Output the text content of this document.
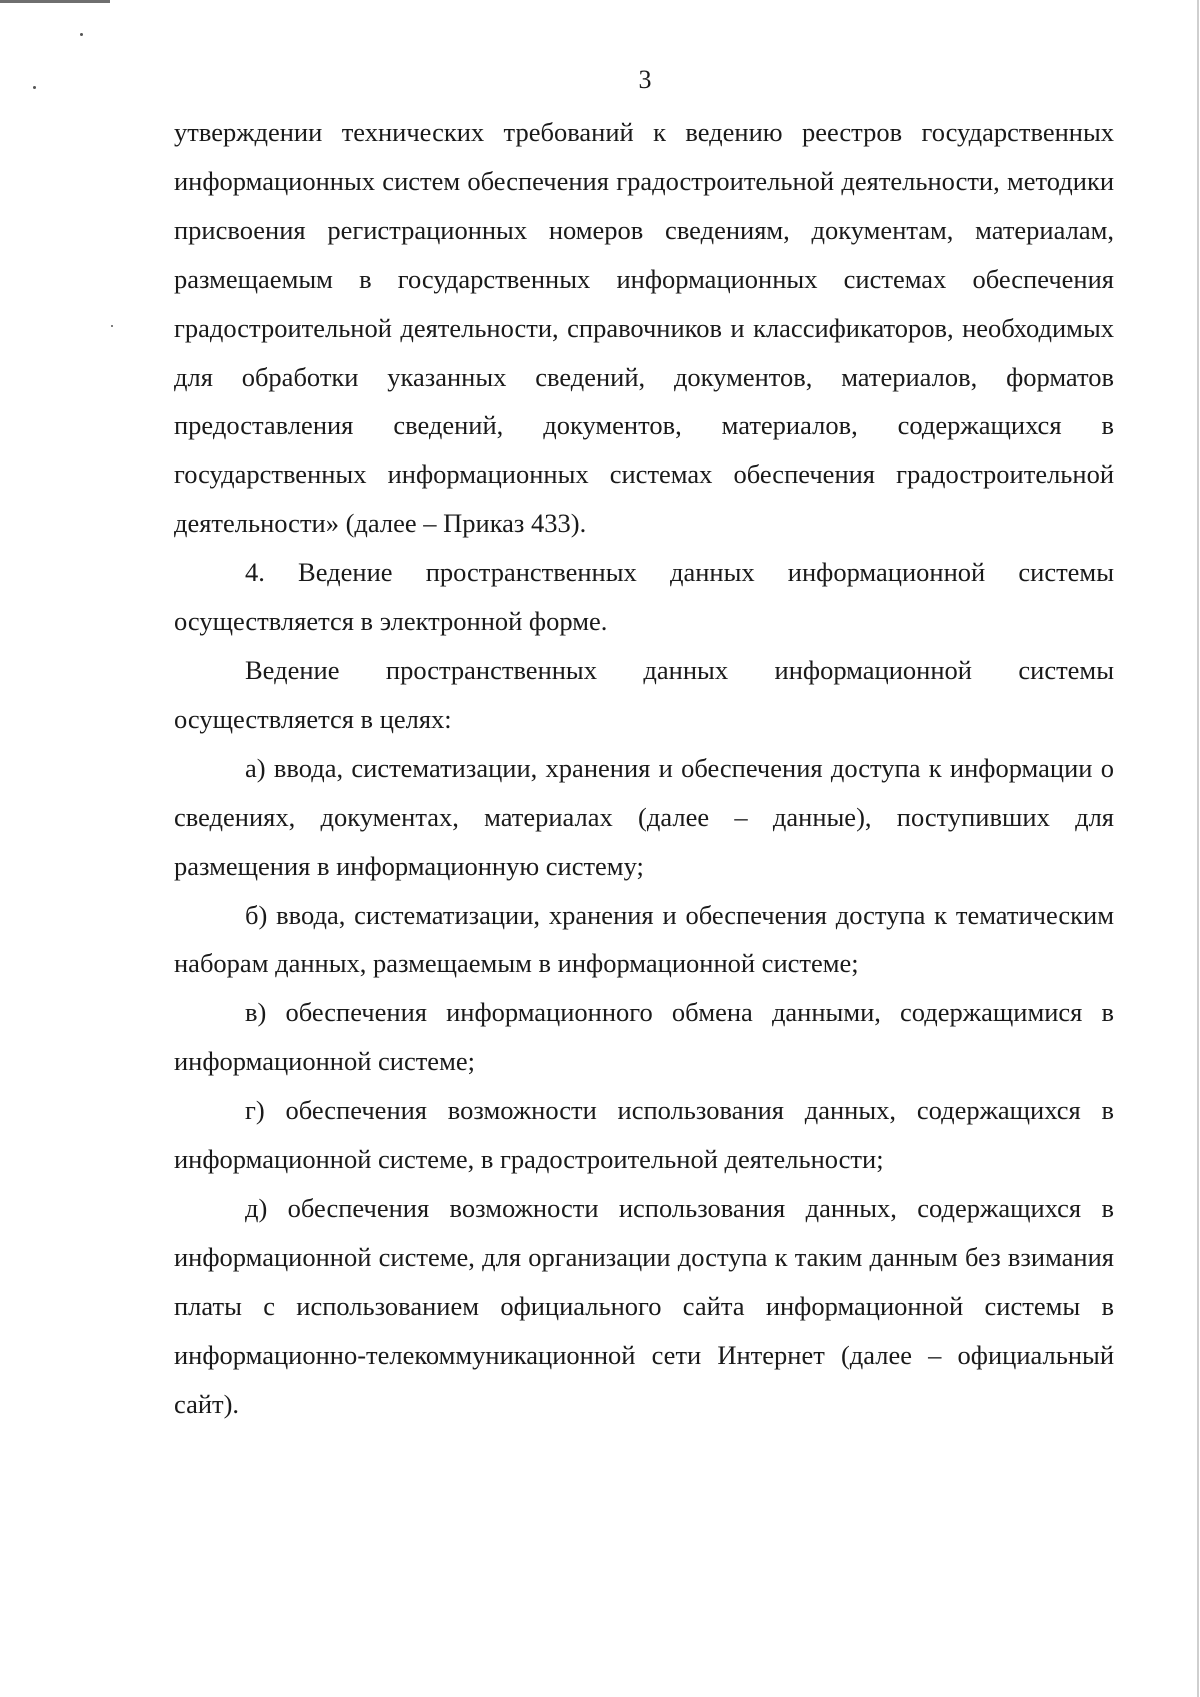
3

утверждении технических требований к ведению реестров государственных информационных систем обеспечения градостроительной деятельности, методики присвоения регистрационных номеров сведениям, документам, материалам, размещаемым в государственных информационных системах обеспечения градостроительной деятельности, справочников и классификаторов, необходимых для обработки указанных сведений, документов, материалов, форматов предоставления сведений, документов, материалов, содержащихся в государственных информационных системах обеспечения градостроительной деятельности» (далее – Приказ 433).

4. Ведение пространственных данных информационной системы осуществляется в электронной форме.

Ведение пространственных данных информационной системы осуществляется в целях:

а) ввода, систематизации, хранения и обеспечения доступа к информации о сведениях, документах, материалах (далее – данные), поступивших для размещения в информационную систему;

б) ввода, систематизации, хранения и обеспечения доступа к тематическим наборам данных, размещаемым в информационной системе;

в) обеспечения информационного обмена данными, содержащимися в информационной системе;

г) обеспечения возможности использования данных, содержащихся в информационной системе, в градостроительной деятельности;

д) обеспечения возможности использования данных, содержащихся в информационной системе, для организации доступа к таким данным без взимания платы с использованием официального сайта информационной системы в информационно-телекоммуникационной сети Интернет (далее – официальный сайт).
